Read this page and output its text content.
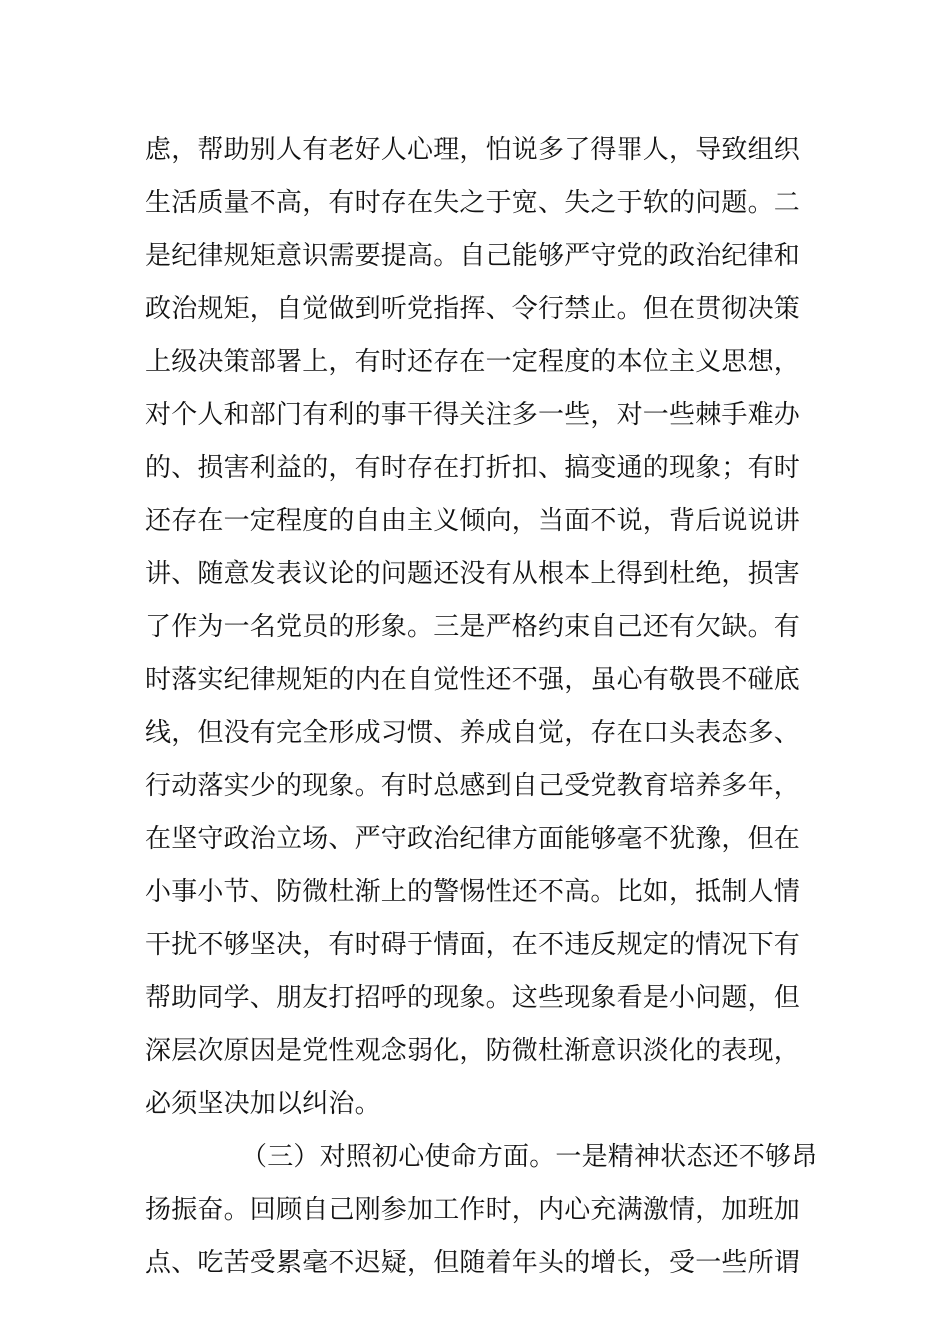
虑，帮助别人有老好人心理，怕说多了得罪人，导致组织
生活质量不高，有时存在失之于宽、失之于软的问题。二
是纪律规矩意识需要提高。自己能够严守党的政治纪律和
政治规矩，自觉做到听党指挥、令行禁止。但在贯彻决策
上级决策部署上，有时还存在一定程度的本位主义思想，
对个人和部门有利的事干得关注多一些，对一些棘手难办
的、损害利益的，有时存在打折扣、搞变通的现象；有时
还存在一定程度的自由主义倾向，当面不说，背后说说讲
讲、随意发表议论的问题还没有从根本上得到杜绝，损害
了作为一名党员的形象。三是严格约束自己还有欠缺。有
时落实纪律规矩的内在自觉性还不强，虽心有敬畏不碰底
线，但没有完全形成习惯、养成自觉，存在口头表态多、
行动落实少的现象。有时总感到自己受党教育培养多年，
在坚守政治立场、严守政治纪律方面能够毫不犹豫，但在
小事小节、防微杜渐上的警惕性还不高。比如，抵制人情
干扰不够坚决，有时碍于情面，在不违反规定的情况下有
帮助同学、朋友打招呼的现象。这些现象看是小问题，但
深层次原因是党性观念弱化，防微杜渐意识淡化的表现，
必须坚决加以纠治。
（三）对照初心使命方面。一是精神状态还不够昂
扬振奋。回顾自己刚参加工作时，内心充满激情，加班加
点、吃苦受累毫不迟疑，但随着年头的增长，受一些所谓
